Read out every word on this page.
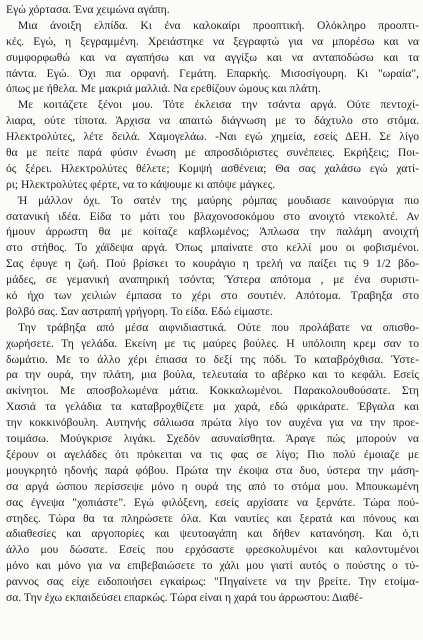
Εγώ χόρτασα. Ένα χειμώνα αγάπη.

Μια άνοιξη ελπίδα. Κι ένα καλοκαίρι προοπτική. Ολόκληρο προοπτι-
κές. Εγώ, η ξεγραμμένη. Χρειάστηκε να ξεγραφτώ για να μπορέσω και να
συμφορφωθώ και να αγαπήσω και να αγγίξω και να ανταποδώσω και τα
πάντα. Εγώ. Όχι πια ορφανή. Γεμάτη. Επαρκής. Μισοσίγουρη. Κι "ωραία",
όπως με ήθελα. Με μακριά μαλλιά. Να ερεθίζουν ώμους και πλάτη.

Με κοιτάζετε ξένοι μου. Τότε έκλεισα την τσάντα αργά. Ούτε πεντοχί-
λιαρα, ούτε τίποτα. Άρχισα να απαιτώ διάγνωση με το δάχτυλο στο στόμα.
Ηλεκτρολύτες, λέτε δειλά. Χαμογελάω. -Ναι εγώ χημεία, εσείς ΔΕΗ. Σε λίγο
θα με πείτε παρά φύσιν ένωση με απροσδιόριστες συνέπειες. Εκρήξεις; Ποι-
ός ξέρει. Ηλεκτρολύτες θέλετε; Κομψή ασθένεια; Θα σας χαλάσω εγώ χατί-
ρι; Ηλεκτρολύτες φέρτε, να το κάψουμε κι απόψε μάγκες.

Ή μάλλον όχι. Το σατέν της μαύρης ρόμπας μουδιασε καινούργια πιο
σατανική ιδέα. Είδα το μάτι του βλαχονοσοκόμου στο ανοιχτό ντεκολτέ. Αν
ήμουν άρρωστη θα με κοίταζε καβλωμένος; Άπλωσα την παλάμη ανοιχτή
στο στήθος. Το χάϊδεψα αργά. Όπως μπαίνατε στο κελλί μου οι φοβισμένοι.
Σας έφυγε η ζωή. Πού βρίσκει το κουράγιο η τρελή να παίξει τις 9 1/2 βδο-
μάδες, σε γεμανική αναπηρική τσόντα; Ύστερα απότομα , με ένα συριστι-
κό ήχο των χειλιών έμπασα το χέρι στο σουτιέν. Απότομα. Τραβηξα στο
βολβό σας. Σαν αστραπή γρήγορη. Το είδα. Εδώ είμαστε.

Την τράβηξα από μέσα αιφνιδιαστικά. Ούτε που προλάβατε να οπισθο-
χωρήσετε. Τη γελάδα. Εκείνη με τις μαύρες βούλες. Η υπόλοιπη κρεμ σαν το
δωμάτιο. Με το άλλο χέρι έπιασα το δεξί της πόδι. Το καταβρόχθισα. Ύστε-
ρα την ουρά, την πλάτη, μια βούλα, τελευταία το αβέρκο και το κεφάλι. Εσείς
ακίνητοι. Με αποσβολωμένα μάτια. Κοκκαλωμένοι. Παρακολουθούσατε. Στη
Χασιά τα γελάδια τα καταβροχθίζετε μα χαρά, εδώ φρικάρατε. Έβγαλα και
την κοκκινόβουλη. Αυτηνής σάλιωσα πρώτα λίγο τον αυχένα για να την προε-
τοιμάσω. Μούγκρισε λιγάκι. Σχεδόν ασυναίσθητα. Άραγε πώς μπορούν να
ξέρουν οι αγελάδες ότι πρόκειται να τις φας σε λίγο; Πιο πολύ έμοιαζε με
μουγκρητό ηδονής παρά φόβου. Πρώτα την έκοψα στα δυο, ύστερα την μάση-
σα αργά ώσπου περίσσεψε μόνο η ουρά της από το στόμα μου. Μπουκωμένη
σας έγνεψα "χοπιάστε". Εγώ φιλόξενη, εσείς αρχίσατε να ξερνάτε. Τώρα πού-
στηδες. Τώρα θα τα πληρώσετε όλα. Και ναυτίες και ξερατά και πόνους και
αδιαθεσίες και αργοπορίες και ψευτοαγάπη και δήθεν κατανόηση. Και ό,τι
άλλο μου δώσατε. Εσείς που ερχόσαστε φρεσκολυμένοι και καλοντυμένοι
μόνο και μόνο για να επιβεβαιώσετε το χάλι μου γιατί αυτός ο πούστης ο τύ-
ραννος σας είχε ειδοποιήσει εγκαίρως: "Πηγαίνετε να την βρείτε. Την ετοίμα-
σα. Την έχω εκπαιδεύσει επαρκώς. Τώρα είναι η χαρά του άρρωστου: Διαθέ-
